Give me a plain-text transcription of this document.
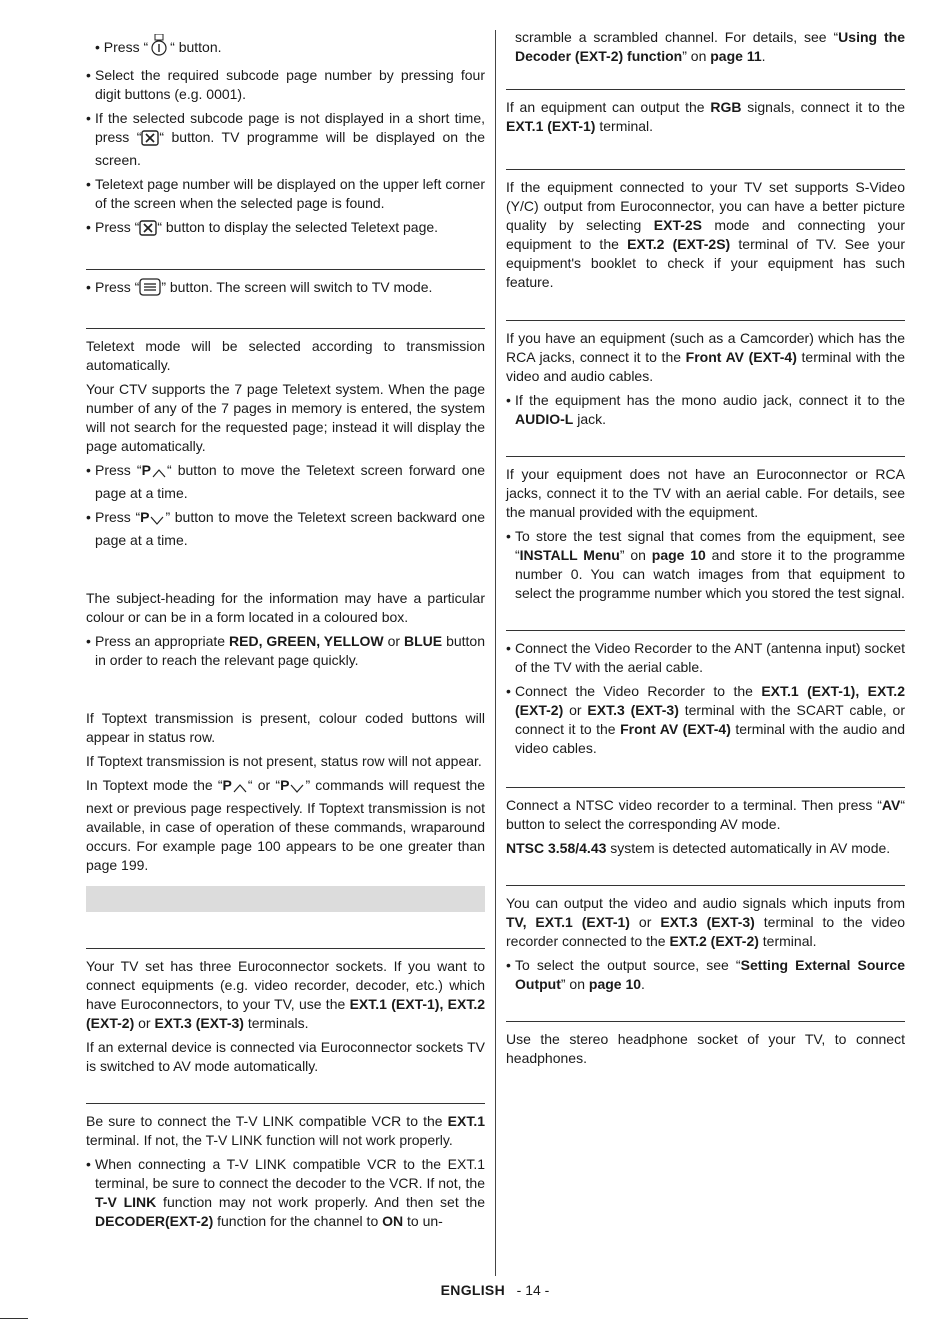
• Press “ “ button.
• Select the required subcode page number by pressing four digit buttons (e.g. 0001).
• If the selected subcode page is not displayed in a short time, press “ “ button. TV programme will be displayed on the screen.
• Teletext page number will be displayed on the upper left corner of the screen when the selected page is found.
• Press “ “ button to display the selected Teletext page.
• Press “ ” button. The screen will switch to TV mode.

Teletext mode will be selected according to transmission automatically.

Your CTV supports the 7 page Teletext system. When the page number of any of the 7 pages in memory is entered, the system will not search for the requested page; instead it will display the page automatically.

• Press “P “ button to move the Teletext screen forward one page at a time.
• Press “P ” button to move the Teletext screen backward one page at a time.

The subject-heading for the information may have a particular colour or can be in a form located in a coloured box.

• Press an appropriate RED, GREEN, YELLOW or BLUE button in order to reach the relevant page quickly.

If Toptext transmission is present, colour coded buttons will appear in status row.

If Toptext transmission is not present, status row will not appear.

In Toptext mode the “P “ or “P ” commands will request the next or previous page respectively. If Toptext transmission is not available, in case of operation of these commands, wraparound occurs. For example page 100 appears to be one greater than page 199.

Your TV set has three Euroconnector sockets. If you want to connect equipments (e.g. video recorder, decoder, etc.) which have Euroconnectors, to your TV, use the EXT.1 (EXT-1), EXT.2 (EXT-2) or EXT.3 (EXT-3) terminals.

If an external device is connected via Euroconnector sockets TV is switched to AV mode automatically.

Be sure to connect the T-V LINK compatible VCR to the EXT.1 terminal. If not, the T-V LINK function will not work properly.

• When connecting a T-V LINK compatible VCR to the EXT.1 terminal, be sure to connect the decoder to the VCR. If not, the T-V LINK function may not work properly. And then set the DECODER(EXT-2) function for the channel to ON to un-
scramble a scrambled channel. For details, see “Using the Decoder (EXT-2) function” on page 11.

If an equipment can output the RGB signals, connect it to the EXT.1 (EXT-1) terminal.

If the equipment connected to your TV set supports S-Video (Y/C) output from Euroconnector, you can have a better picture quality by selecting EXT-2S mode and connecting your equipment to the EXT.2 (EXT-2S) terminal of TV. See your equipment's booklet to check if your equipment has such feature.

If you have an equipment (such as a Camcorder) which has the RCA jacks, connect it to the Front AV (EXT-4) terminal with the video and audio cables.

• If the equipment has the mono audio jack, connect it to the AUDIO-L jack.

If your equipment does not have an Euroconnector or RCA jacks, connect it to the TV with an aerial cable. For details, see the manual provided with the equipment.

• To store the test signal that comes from the equipment, see “INSTALL Menu” on page 10 and store it to the programme number 0. You can watch images from that equipment to select the programme number which you stored the test signal.
• Connect the Video Recorder to the ANT (antenna input) socket of the TV with the aerial cable.
• Connect the Video Recorder to the EXT.1 (EXT-1), EXT.2 (EXT-2) or EXT.3 (EXT-3) terminal with the SCART cable, or connect it to the Front AV (EXT-4) terminal with the audio and video cables.

Connect a NTSC video recorder to a terminal. Then press “AV“ button to select the corresponding AV mode.

NTSC 3.58/4.43 system is detected automatically in AV mode.

You can output the video and audio signals which inputs from TV, EXT.1 (EXT-1) or EXT.3 (EXT-3) terminal to the video recorder connected to the EXT.2 (EXT-2) terminal.

• To select the output source, see “Setting External Source Output” on page 10.

Use the stereo headphone socket of your TV, to connect headphones.

ENGLISH - 14 -
